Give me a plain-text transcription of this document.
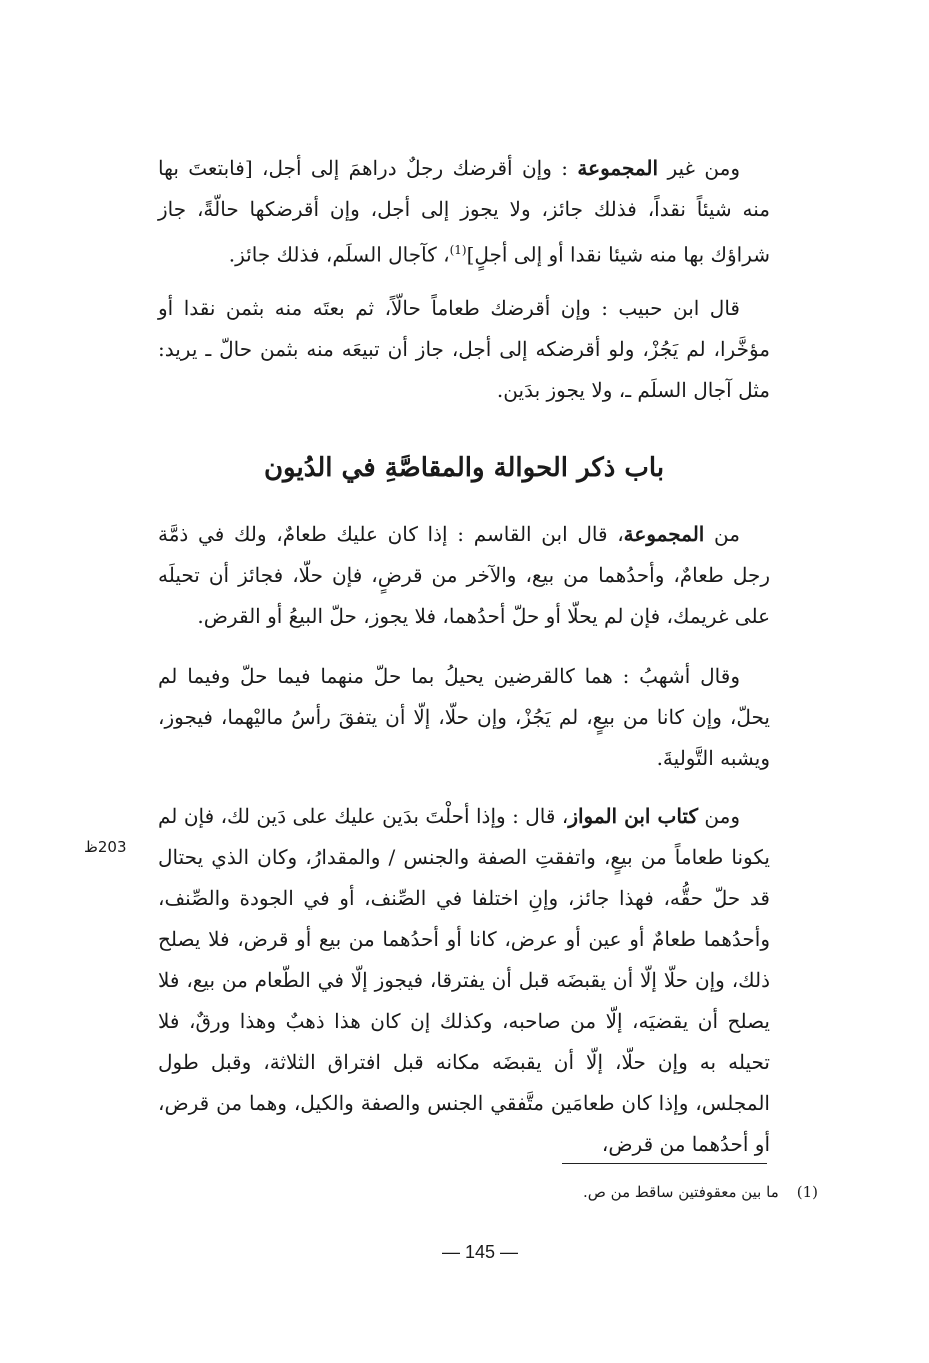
ومن غير المجموعة : وإن أقرضك رجلٌ دراهمَ إلى أجل، [فابتعتَ بها منه شيئاً نقداً، فذلك جائز، ولا يجوز إلى أجل، وإن أقرضكها حالّةً، جاز شراؤك بها منه شيئا نقدا أو إلى أجلٍ]$^{(1)}$، كآجال السلَم، فذلك جائز.

قال ابن حبيب : وإن أقرضك طعاماً حالّاً، ثم بعتَه منه بثمن نقدا أو مؤخَّرا، لم يَجُزْ، ولو أقرضكه إلى أجل، جاز أن تبيعَه منه بثمن حالّ ـ يريد: مثل آجال السلَم ـ، ولا يجوز بدَين.

باب ذكر الحوالة والمقاصَّةِ في الدُيون

من المجموعة، قال ابن القاسم : إذا كان عليك طعامٌ، ولك في ذمَّة رجل طعامٌ، وأحدُهما من بيع، والآخر من قرضٍ، فإن حلّا، فجائز أن تحيلَه على غريمك، فإن لم يحلّا أو حلّ أحدُهما، فلا يجوز، حلّ البيعُ أو القرض.

وقال أشهبُ : هما كالقرضين يحيلُ بما حلّ منهما فيما حلّ وفيما لم يحلّ، وإن كانا من بيعٍ، لم يَجُزْ، وإن حلّا، إلّا أن يتفقَ رأسُ ماليْهما، فيجوز، ويشبه التَّوليةَ.

ومن كتاب ابن المواز، قال : وإذا أحلْتَ بدَين عليك على دَين لك، فإن لم يكونا طعاماً من بيعٍ، واتفقتِ الصفة والجنس / والمقدارُ، وكان الذي يحتال قد حلّ حقُّه، فهذا جائز، وإنِ اختلفا في الصِّنف، أو في الجودة والصِّنف، وأحدُهما طعامٌ أو عين أو عرض، كانا أو أحدُهما من بيع أو قرض، فلا يصلح ذلك، وإن حلّا إلّا أن يقبضَه قبل أن يفترقا، فيجوز إلّا في الطّعام من بيع، فلا يصلح أن يقضيَه، إلّا من صاحبه، وكذلك إن كان هذا ذهبٌ وهذا ورقٌ، فلا تحيله به وإن حلّا، إلّا أن يقبضَه مكانه قبل افتراق الثلاثة، وقبل طول المجلس، وإذا كان طعامَين متَّفقي الجنس والصفة والكيل، وهما من قرض، أو أحدُهما من قرض،

203ظ
(1)ما بين معقوفتين ساقط من ص.
— 145 —
